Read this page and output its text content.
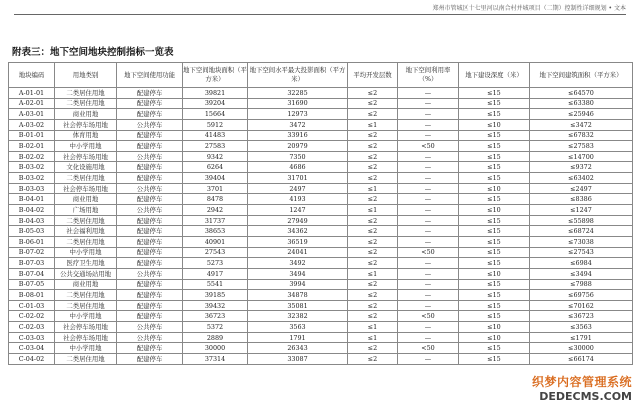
郑州市管城区十七里河以南合村并城项目（二期）控制性详细规划 • 文本
附表三：地下空间地块控制指标一览表
地块编码	用地类别	地下空间使用功能	地下空间地块面积（平方米）	地下空间水平最大投影面积（平方米）	平均开发层数	地下空间利用率（%）	地下建设深度（米）	地下空间建筑面积（平方米）
A-01-01	二类居住用地	配建停车	39821	32285	≤2	—	≤15	≤64570
A-02-01	二类居住用地	配建停车	39204	31690	≤2	—	≤15	≤63380
A-03-01	商业用地	配建停车	15664	12973	≤2	—	≤15	≤25946
A-03-02	社会停车场用地	公共停车	5912	3472	≤1	—	≤10	≤3472
B-01-01	体育用地	配建停车	41483	33916	≤2	—	≤15	≤67832
B-02-01	中小学用地	配建停车	27583	20979	≤2	<50	≤15	≤27583
B-02-02	社会停车场用地	公共停车	9342	7350	≤2	—	≤15	≤14700
B-03-02	文化设施用地	配建停车	6264	4686	≤2	—	≤15	≤9372
B-03-02	二类居住用地	配建停车	39404	31701	≤2	—	≤15	≤63402
B-03-03	社会停车场用地	公共停车	3701	2497	≤1	—	≤10	≤2497
B-04-01	商业用地	配建停车	8478	4193	≤2	—	≤15	≤8386
B-04-02	广场用地	公共停车	2942	1247	≤1	—	≤10	≤1247
B-04-03	二类居住用地	配建停车	31737	27949	≤2	—	≤15	≤55898
B-05-03	社会福利用地	配建停车	38653	34362	≤2	—	≤15	≤68724
B-06-01	二类居住用地	配建停车	40901	36519	≤2	—	≤15	≤73038
B-07-02	中小学用地	配建停车	27543	24041	≤2	<50	≤15	≤27543
B-07-03	医疗卫生用地	配建停车	5273	3492	≤2	—	≤15	≤6984
B-07-04	公共交通场站用地	公共停车	4917	3494	≤1	—	≤10	≤3494
B-07-05	商业用地	配建停车	5541	3994	≤2	—	≤15	≤7988
B-08-01	二类居住用地	配建停车	39185	34878	≤2	—	≤15	≤69756
C-01-03	二类居住用地	配建停车	39432	35081	≤2	—	≤15	≤70162
C-02-02	中小学用地	配建停车	36723	32382	≤2	<50	≤15	≤36723
C-02-03	社会停车场用地	公共停车	5372	3563	≤1	—	≤10	≤3563
C-03-03	社会停车场用地	公共停车	2889	1791	≤1	—	≤10	≤1791
C-03-04	中小学用地	配建停车	30000	26343	≤2	<50	≤15	≤30000
C-04-02	二类居住用地	配建停车	37314	33087	≤2	—	≤15	≤66174
织梦内容管理系统
DEDECMS.COM
